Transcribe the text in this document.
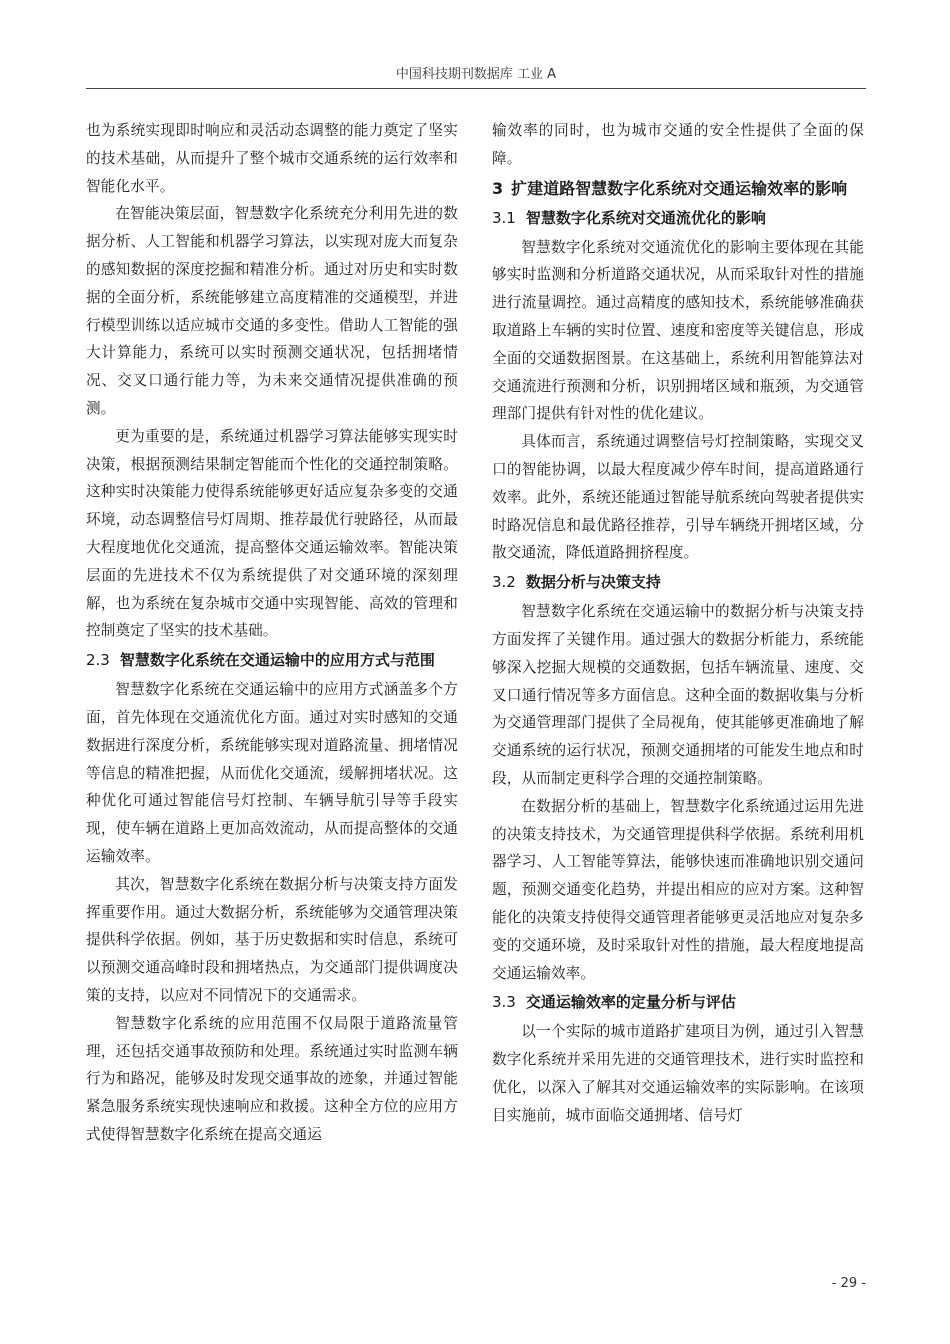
中国科技期刊数据库 工业 A

也为系统实现即时响应和灵活动态调整的能力奠定了坚实的技术基础，从而提升了整个城市交通系统的运行效率和智能化水平。

在智能决策层面，智慧数字化系统充分利用先进的数据分析、人工智能和机器学习算法，以实现对庞大而复杂的感知数据的深度挖掘和精准分析。通过对历史和实时数据的全面分析，系统能够建立高度精准的交通模型，并进行模型训练以适应城市交通的多变性。借助人工智能的强大计算能力，系统可以实时预测交通状况，包括拥堵情况、交叉口通行能力等，为未来交通情况提供准确的预测。

更为重要的是，系统通过机器学习算法能够实现实时决策，根据预测结果制定智能而个性化的交通控制策略。这种实时决策能力使得系统能够更好适应复杂多变的交通环境，动态调整信号灯周期、推荐最优行驶路径，从而最大程度地优化交通流，提高整体交通运输效率。智能决策层面的先进技术不仅为系统提供了对交通环境的深刻理解，也为系统在复杂城市交通中实现智能、高效的管理和控制奠定了坚实的技术基础。

2.3 智慧数字化系统在交通运输中的应用方式与范围

智慧数字化系统在交通运输中的应用方式涵盖多个方面，首先体现在交通流优化方面。通过对实时感知的交通数据进行深度分析，系统能够实现对道路流量、拥堵情况等信息的精准把握，从而优化交通流，缓解拥堵状况。这种优化可通过智能信号灯控制、车辆导航引导等手段实现，使车辆在道路上更加高效流动，从而提高整体的交通运输效率。

其次，智慧数字化系统在数据分析与决策支持方面发挥重要作用。通过大数据分析，系统能够为交通管理决策提供科学依据。例如，基于历史数据和实时信息，系统可以预测交通高峰时段和拥堵热点，为交通部门提供调度决策的支持，以应对不同情况下的交通需求。

智慧数字化系统的应用范围不仅局限于道路流量管理，还包括交通事故预防和处理。系统通过实时监测车辆行为和路况，能够及时发现交通事故的迹象，并通过智能紧急服务系统实现快速响应和救援。这种全方位的应用方式使得智慧数字化系统在提高交通运

输效率的同时，也为城市交通的安全性提供了全面的保障。

3 扩建道路智慧数字化系统对交通运输效率的影响
3.1 智慧数字化系统对交通流优化的影响

智慧数字化系统对交通流优化的影响主要体现在其能够实时监测和分析道路交通状况，从而采取针对性的措施进行流量调控。通过高精度的感知技术，系统能够准确获取道路上车辆的实时位置、速度和密度等关键信息，形成全面的交通数据图景。在这基础上，系统利用智能算法对交通流进行预测和分析，识别拥堵区域和瓶颈，为交通管理部门提供有针对性的优化建议。

具体而言，系统通过调整信号灯控制策略，实现交叉口的智能协调，以最大程度减少停车时间，提高道路通行效率。此外，系统还能通过智能导航系统向驾驶者提供实时路况信息和最优路径推荐，引导车辆绕开拥堵区域，分散交通流，降低道路拥挤程度。

3.2 数据分析与决策支持

智慧数字化系统在交通运输中的数据分析与决策支持方面发挥了关键作用。通过强大的数据分析能力，系统能够深入挖掘大规模的交通数据，包括车辆流量、速度、交叉口通行情况等多方面信息。这种全面的数据收集与分析为交通管理部门提供了全局视角，使其能够更准确地了解交通系统的运行状况，预测交通拥堵的可能发生地点和时段，从而制定更科学合理的交通控制策略。

在数据分析的基础上，智慧数字化系统通过运用先进的决策支持技术，为交通管理提供科学依据。系统利用机器学习、人工智能等算法，能够快速而准确地识别交通问题，预测交通变化趋势，并提出相应的应对方案。这种智能化的决策支持使得交通管理者能够更灵活地应对复杂多变的交通环境，及时采取针对性的措施，最大程度地提高交通运输效率。

3.3 交通运输效率的定量分析与评估

以一个实际的城市道路扩建项目为例，通过引入智慧数字化系统并采用先进的交通管理技术，进行实时监控和优化，以深入了解其对交通运输效率的实际影响。在该项目实施前，城市面临交通拥堵、信号灯

- 29 -
